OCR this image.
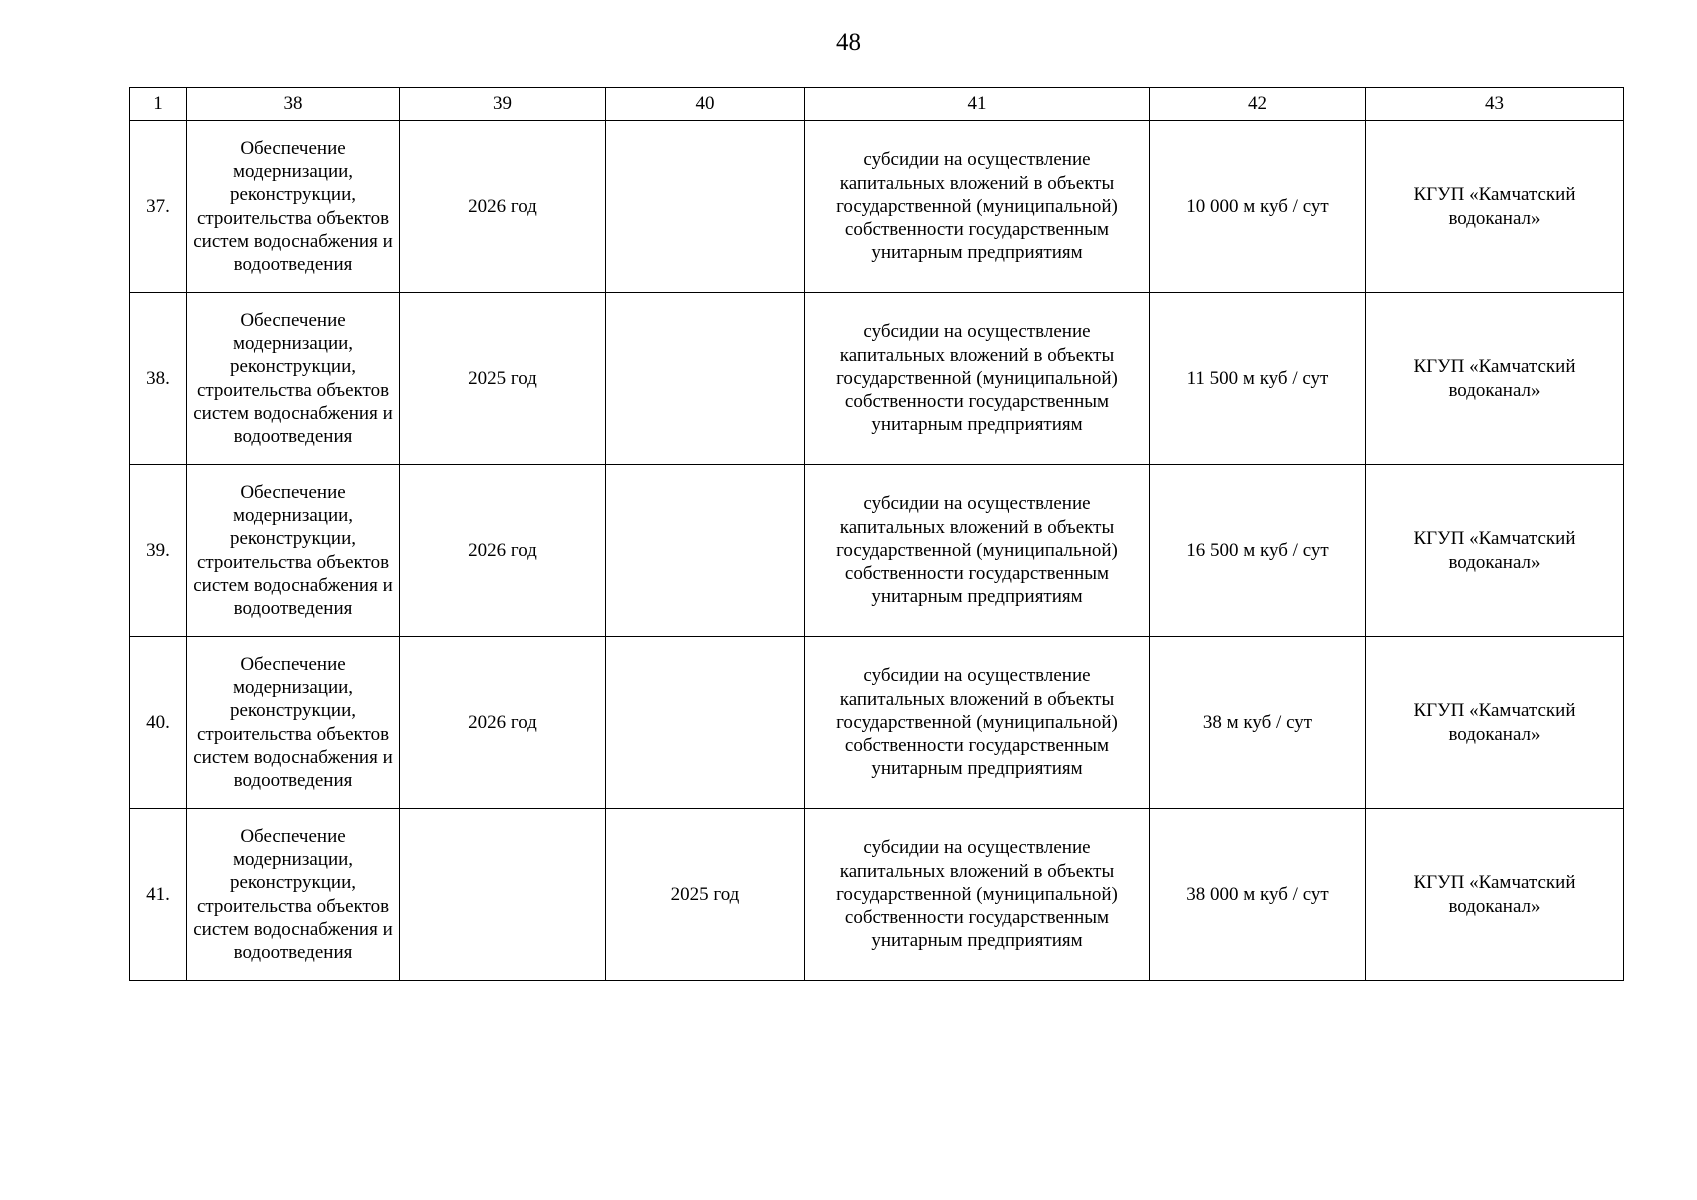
48
1	38	39	40	41	42	43
37.	Обеспечение модернизации, реконструкции, строительства объектов систем водоснабжения и водоотведения	2026 год		субсидии на осуществление капитальных вложений в объекты государственной (муниципальной) собственности государственным унитарным предприятиям	10 000 м куб / сут	КГУП «Камчатский водоканал»
38.	Обеспечение модернизации, реконструкции, строительства объектов систем водоснабжения и водоотведения	2025 год		субсидии на осуществление капитальных вложений в объекты государственной (муниципальной) собственности государственным унитарным предприятиям	11 500 м куб / сут	КГУП «Камчатский водоканал»
39.	Обеспечение модернизации, реконструкции, строительства объектов систем водоснабжения и водоотведения	2026 год		субсидии на осуществление капитальных вложений в объекты государственной (муниципальной) собственности государственным унитарным предприятиям	16 500 м куб / сут	КГУП «Камчатский водоканал»
40.	Обеспечение модернизации, реконструкции, строительства объектов систем водоснабжения и водоотведения	2026 год		субсидии на осуществление капитальных вложений в объекты государственной (муниципальной) собственности государственным унитарным предприятиям	38 м куб / сут	КГУП «Камчатский водоканал»
41.	Обеспечение модернизации, реконструкции, строительства объектов систем водоснабжения и водоотведения		2025 год	субсидии на осуществление капитальных вложений в объекты государственной (муниципальной) собственности государственным унитарным предприятиям	38 000 м куб / сут	КГУП «Камчатский водоканал»
